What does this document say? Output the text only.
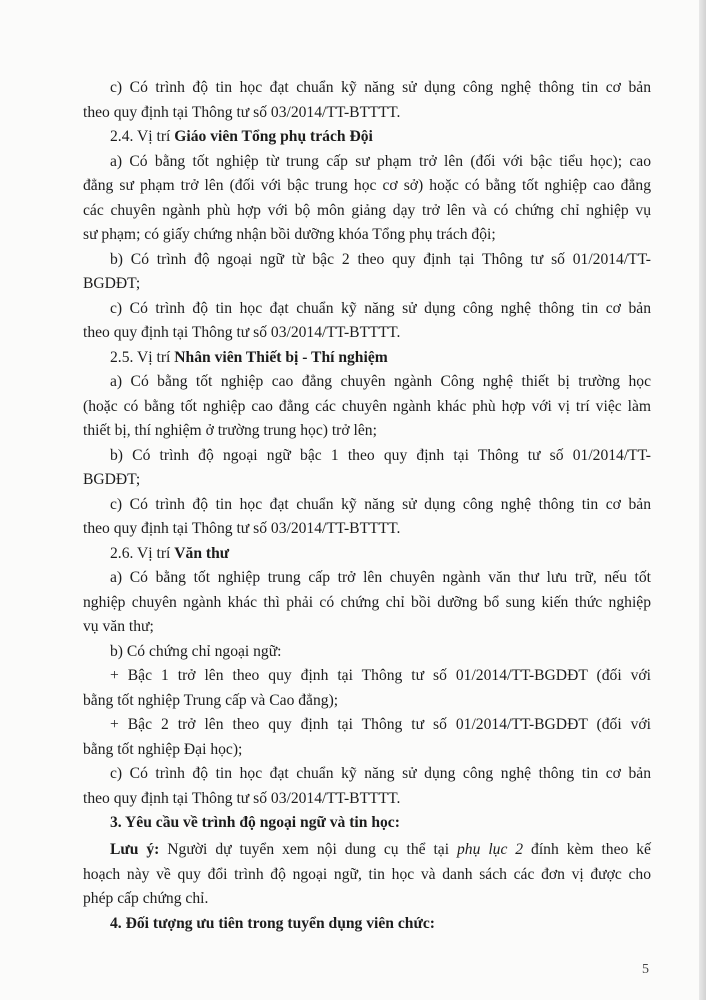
c) Có trình độ tin học đạt chuẩn kỹ năng sử dụng công nghệ thông tin cơ bản
theo quy định tại Thông tư số 03/2014/TT-BTTTT.
2.4. Vị trí Giáo viên Tổng phụ trách Đội
a) Có bằng tốt nghiệp từ trung cấp sư phạm trở lên (đối với bậc tiểu học); cao
đẳng sư phạm trở lên (đối với bậc trung học cơ sở) hoặc có bằng tốt nghiệp cao đẳng
các chuyên ngành phù hợp với bộ môn giảng dạy trở lên và có chứng chỉ nghiệp vụ
sư phạm; có giấy chứng nhận bồi dưỡng khóa Tổng phụ trách đội;
b) Có trình độ ngoại ngữ từ bậc 2 theo quy định tại Thông tư số 01/2014/TT-
BGDĐT;
c) Có trình độ tin học đạt chuẩn kỹ năng sử dụng công nghệ thông tin cơ bản
theo quy định tại Thông tư số 03/2014/TT-BTTTT.
2.5. Vị trí Nhân viên Thiết bị - Thí nghiệm
a) Có bằng tốt nghiệp cao đẳng chuyên ngành Công nghệ thiết bị trường học
(hoặc có bằng tốt nghiệp cao đẳng các chuyên ngành khác phù hợp với vị trí việc làm
thiết bị, thí nghiệm ở trường trung học) trở lên;
b) Có trình độ ngoại ngữ bậc 1 theo quy định tại Thông tư số 01/2014/TT-
BGDĐT;
c) Có trình độ tin học đạt chuẩn kỹ năng sử dụng công nghệ thông tin cơ bản
theo quy định tại Thông tư số 03/2014/TT-BTTTT.
2.6. Vị trí Văn thư
a) Có bằng tốt nghiệp trung cấp trở lên chuyên ngành văn thư lưu trữ, nếu tốt
nghiệp chuyên ngành khác thì phải có chứng chỉ bồi dưỡng bổ sung kiến thức nghiệp
vụ văn thư;
b) Có chứng chỉ ngoại ngữ:
+ Bậc 1 trở lên theo quy định tại Thông tư số 01/2014/TT-BGDĐT (đối với
bằng tốt nghiệp Trung cấp và Cao đẳng);
+ Bậc 2 trở lên theo quy định tại Thông tư số 01/2014/TT-BGDĐT (đối với
bằng tốt nghiệp Đại học);
c) Có trình độ tin học đạt chuẩn kỹ năng sử dụng công nghệ thông tin cơ bản
theo quy định tại Thông tư số 03/2014/TT-BTTTT.
3. Yêu cầu về trình độ ngoại ngữ và tin học:
Lưu ý: Người dự tuyển xem nội dung cụ thể tại phụ lục 2 đính kèm theo kế
hoạch này về quy đổi trình độ ngoại ngữ, tin học và danh sách các đơn vị được cho
phép cấp chứng chỉ.
4. Đối tượng ưu tiên trong tuyển dụng viên chức:
5
